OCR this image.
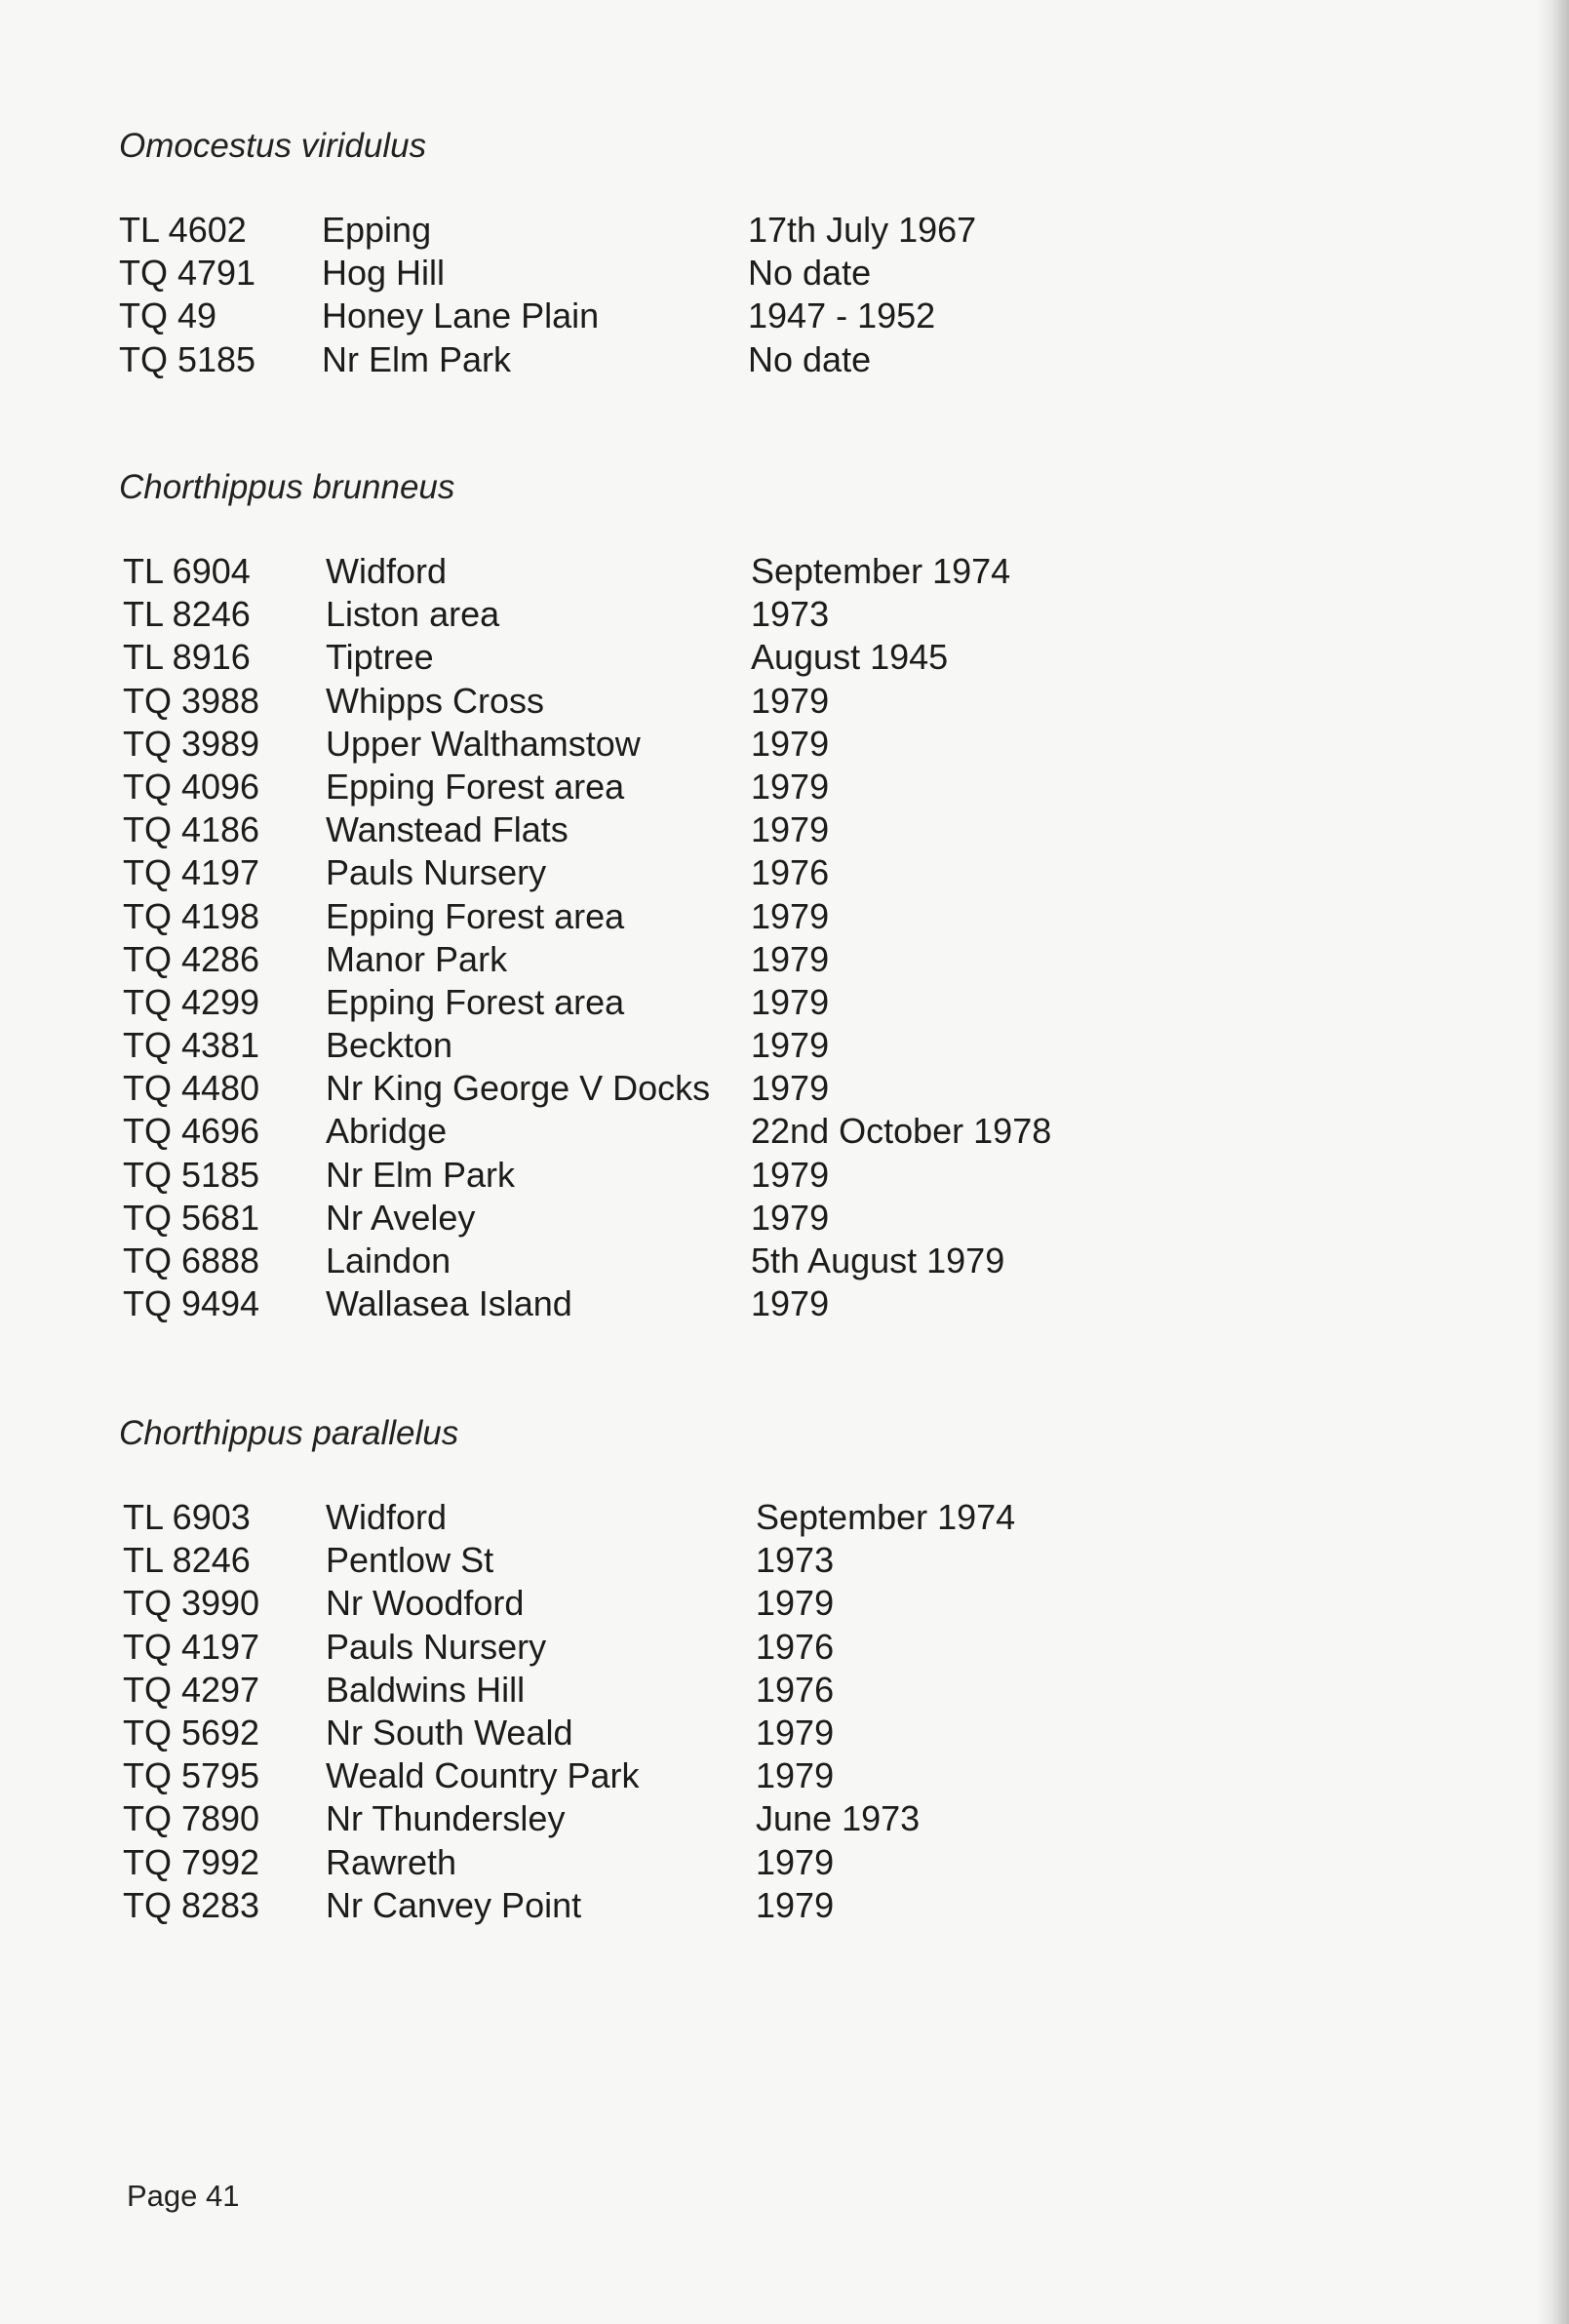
Omocestus viridulus
TL 4602 Epping	17th July 1967
TQ 4791 Hog Hill	No date
TQ 49	Honey Lane Plain	1947 - 1952
TQ 5185 Nr Elm Park	No date
Chorthippus brunneus
TL 6904 Widford	September 1974
TL 8246 Liston area	1973
TL 8916 Tiptree	August 1945
TQ 3988 Whipps Cross	1979
TQ 3989 Upper Walthamstow	1979
TQ 4096 Epping Forest area	1979
TQ 4186 Wanstead Flats	1979
TQ 4197 Pauls Nursery	1976
TQ 4198 Epping Forest area	1979
TQ 4286 Manor Park	1979
TQ 4299 Epping Forest area	1979
TQ 4381 Beckton	1979
TQ 4480 Nr King George V Docks 1979
TQ 4696 Abridge	22nd October 1978
TQ 5185 Nr Elm Park	1979
TQ 5681 Nr Aveley	1979
TQ 6888 Laindon	5th August 1979
TQ 9494 Wallasea Island	1979
Chorthippus parallelus
TL 6903 Widford	September 1974
TL 8246 Pentlow St	1973
TQ 3990 Nr Woodford	1979
TQ 4197 Pauls Nursery	1976
TQ 4297 Baldwins Hill	1976
TQ 5692 Nr South Weald	1979
TQ 5795 Weald Country Park	1979
TQ 7890 Nr Thundersley	June 1973
TQ 7992 Rawreth	1979
TQ 8283 Nr Canvey Point	1979
Page 41
